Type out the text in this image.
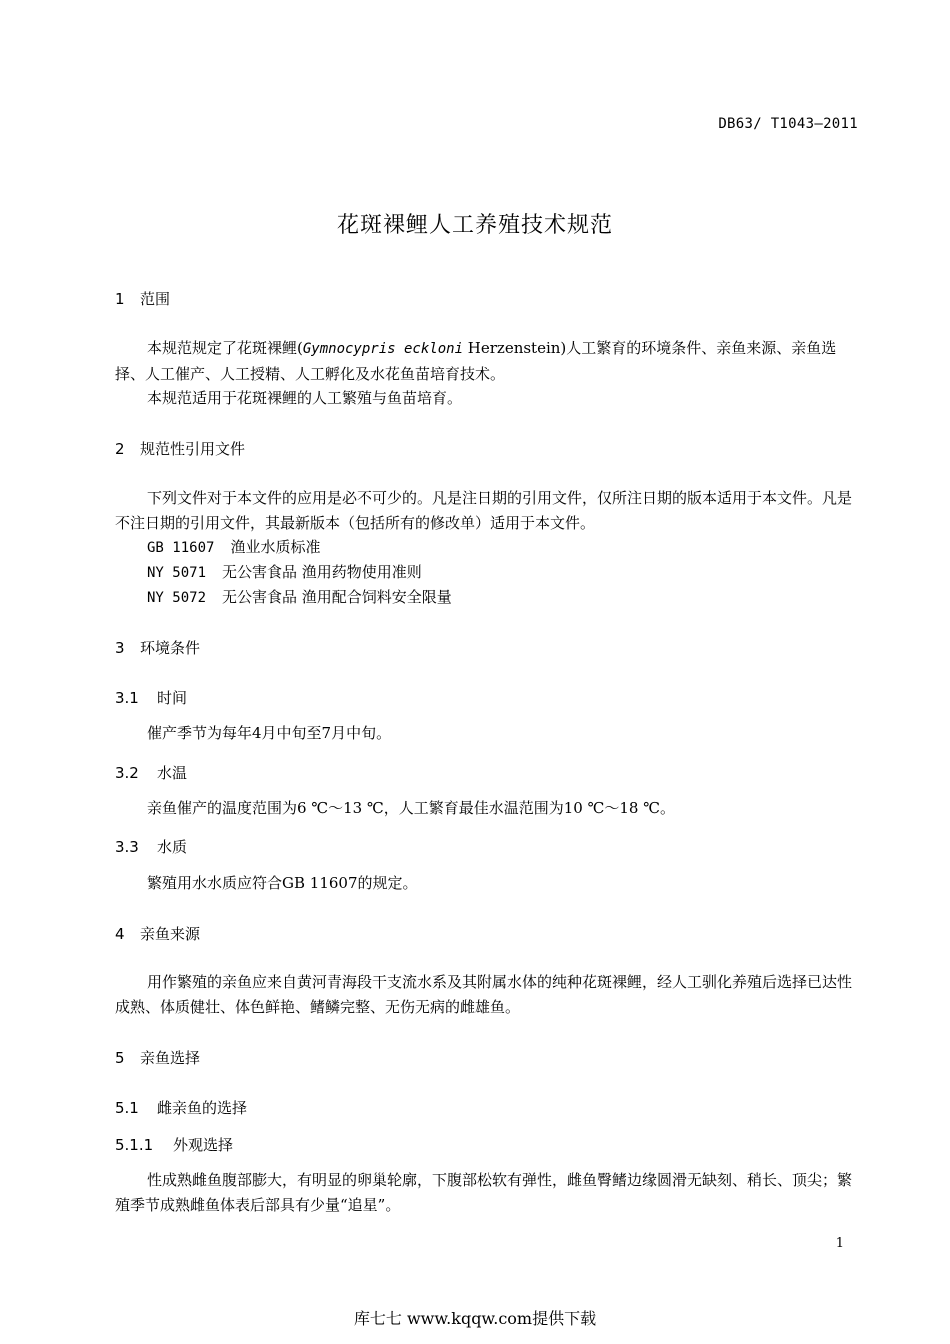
DB63/ T1043—2011
花斑裸鲤人工养殖技术规范
1 范围
本规范规定了花斑裸鲤(Gymnocypris eckloni Herzenstein)人工繁育的环境条件、亲鱼来源、亲鱼选择、人工催产、人工授精、人工孵化及水花鱼苗培育技术。
本规范适用于花斑裸鲤的人工繁殖与鱼苗培育。
2 规范性引用文件
下列文件对于本文件的应用是必不可少的。凡是注日期的引用文件，仅所注日期的版本适用于本文件。凡是不注日期的引用文件，其最新版本（包括所有的修改单）适用于本文件。
GB 11607 渔业水质标准
NY 5071 无公害食品 渔用药物使用准则
NY 5072 无公害食品 渔用配合饲料安全限量
3 环境条件
3.1 时间
催产季节为每年4月中旬至7月中旬。
3.2 水温
亲鱼催产的温度范围为6 ℃～13 ℃，人工繁育最佳水温范围为10 ℃～18 ℃。
3.3 水质
繁殖用水水质应符合GB 11607的规定。
4 亲鱼来源
用作繁殖的亲鱼应来自黄河青海段干支流水系及其附属水体的纯种花斑裸鲤，经人工驯化养殖后选择已达性成熟、体质健壮、体色鲜艳、鳍鳞完整、无伤无病的雌雄鱼。
5 亲鱼选择
5.1 雌亲鱼的选择
5.1.1 外观选择
性成熟雌鱼腹部膨大，有明显的卵巢轮廓，下腹部松软有弹性，雌鱼臀鳍边缘圆滑无缺刻、稍长、顶尖；繁殖季节成熟雌鱼体表后部具有少量“追星”。
1
库七七 www.kqqw.com提供下载
